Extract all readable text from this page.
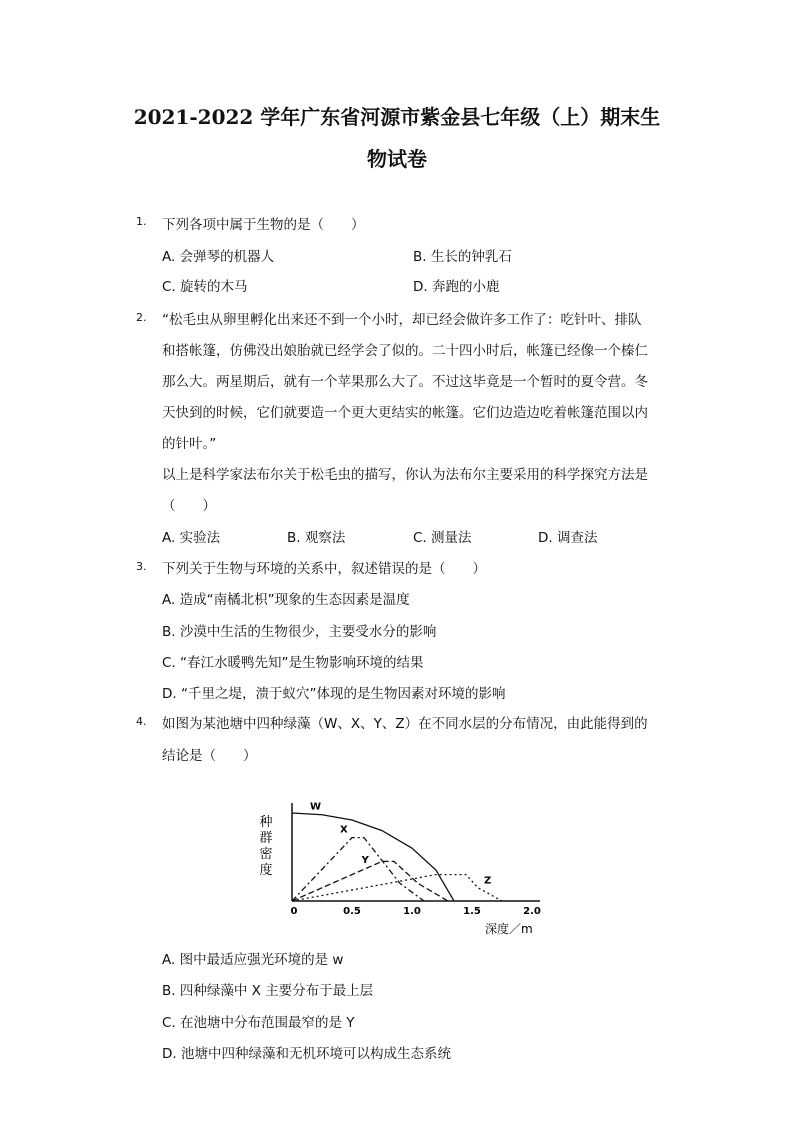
2021-2022 学年广东省河源市紫金县七年级（上）期末生
物试卷
1. 下列各项中属于生物的是（　　）
A. 会弹琴的机器人	B. 生长的钟乳石
C. 旋转的木马	D. 奔跑的小鹿
2. “松毛虫从卵里孵化出来还不到一个小时，却已经会做许多工作了：吃针叶、排队
和搭帐篷，仿佛没出娘胎就已经学会了似的。二十四小时后，帐篷已经像一个榛仁
那么大。两星期后，就有一个苹果那么大了。不过这毕竟是一个暂时的夏令营。冬
天快到的时候，它们就要造一个更大更结实的帐篷。它们边造边吃着帐篷范围以内
的针叶。”
以上是科学家法布尔关于松毛虫的描写，你认为法布尔主要采用的科学探究方法是
（　　）
A. 实验法	B. 观察法	C. 测量法	D. 调查法
3. 下列关于生物与环境的关系中，叙述错误的是（　　）
A. 造成“南橘北枳”现象的生态因素是温度
B. 沙漠中生活的生物很少，主要受水分的影响
C. “春江水暖鸭先知”是生物影响环境的结果
D. “千里之堤，溃于蚁穴”体现的是生物因素对环境的影响
4. 如图为某池塘中四种绿藻（W、X、Y、Z）在不同水层的分布情况，由此能得到的
结论是（　　）
种
群
密
度
W
X
Y
Z
0	0.5	1.0	1.5	2.0
深度／m
A. 图中最适应强光环境的是 w
B. 四种绿藻中 X 主要分布于最上层
C. 在池塘中分布范围最窄的是 Y
D. 池塘中四种绿藻和无机环境可以构成生态系统
